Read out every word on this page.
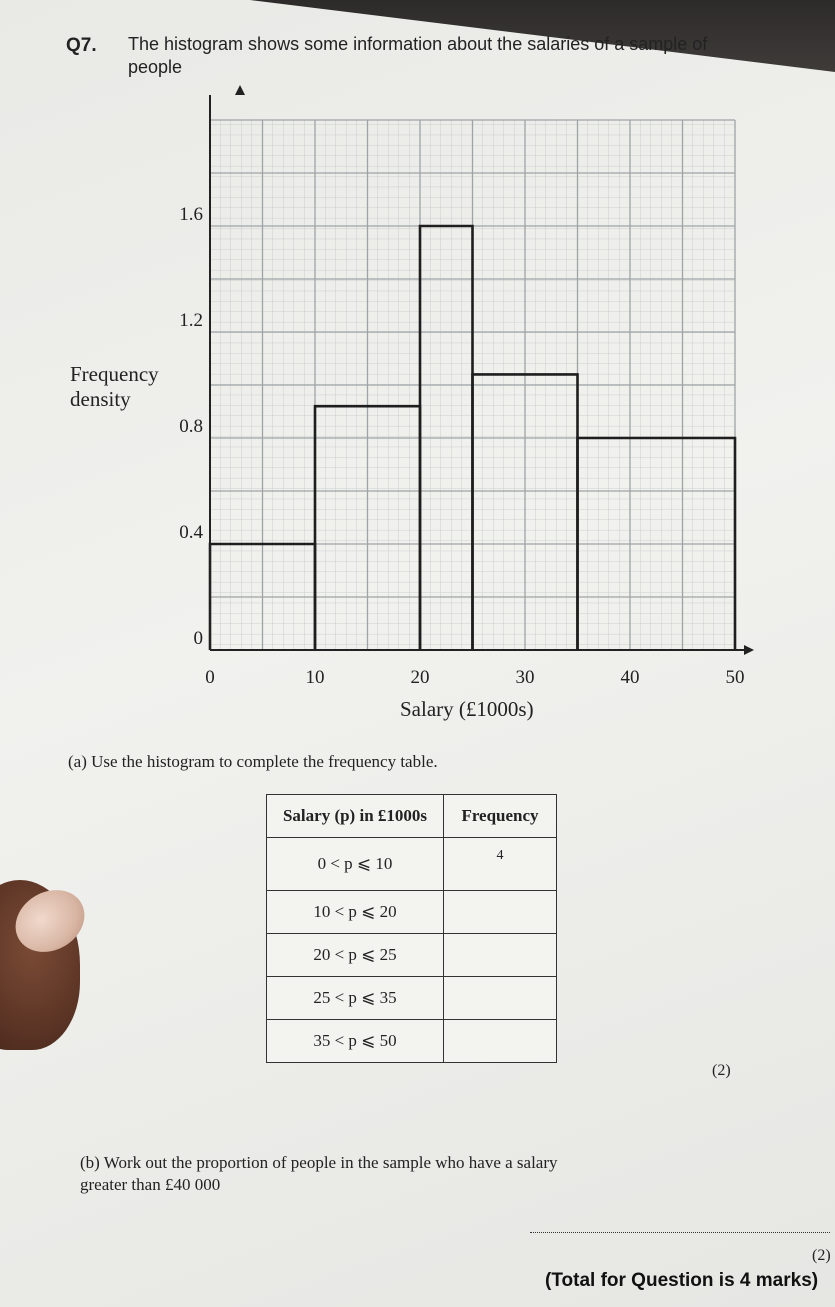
Q7. The histogram shows some information about the salaries of a sample of people
0
0.4
0.8
1.2
1.6
0	10	20	30	40	50
Frequency density
Salary (£1000s)
(a) Use the histogram to complete the frequency table.
Salary (p) in £1000s	Frequency
0 < p ⩽ 10	4
10 < p ⩽ 20	
20 < p ⩽ 25	
25 < p ⩽ 35	
35 < p ⩽ 50	
(2)
(b) Work out the proportion of people in the sample who have a salary greater than £40 000
(2)
(Total for Question is 4 marks)
